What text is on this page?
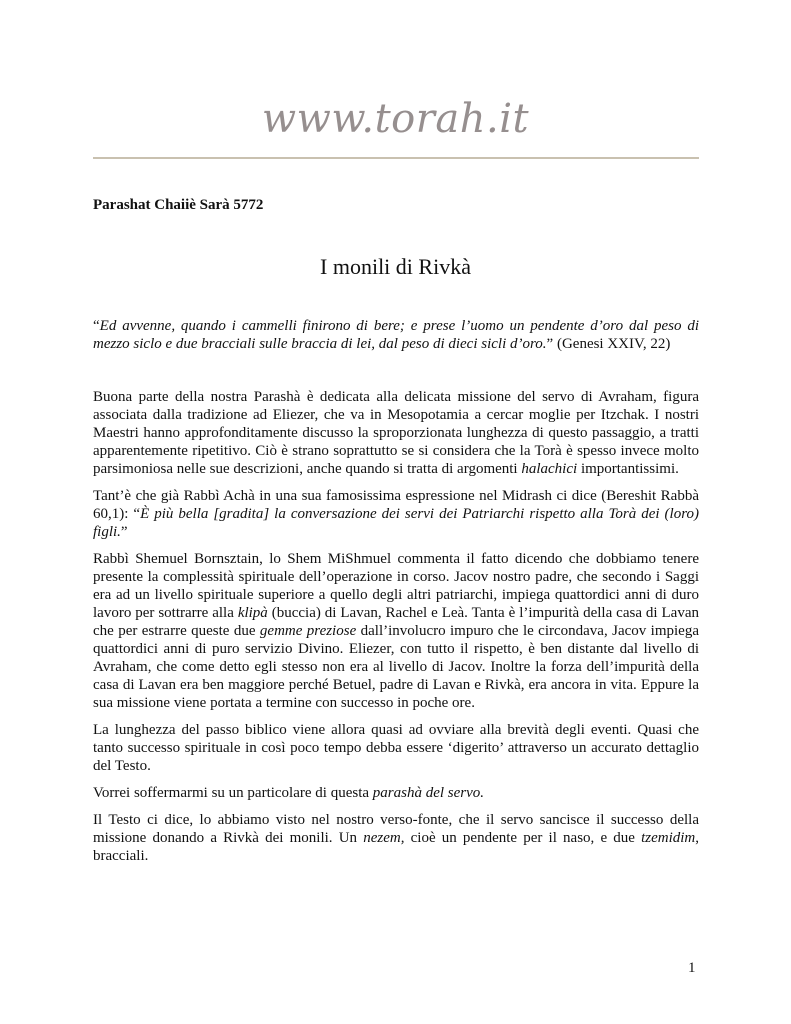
www.torah.it
Parashat Chaiiè Sarà 5772
I monili di Rivkà

“Ed avvenne, quando i cammelli finirono di bere; e prese l’uomo un pendente d’oro dal peso di mezzo siclo e due bracciali sulle braccia di lei, dal peso di dieci sicli d’oro.” (Genesi XXIV, 22)

Buona parte della nostra Parashà è dedicata alla delicata missione del servo di Avraham, figura associata dalla tradizione ad Eliezer, che va in Mesopotamia a cercar moglie per Itzchak. I nostri Maestri hanno approfonditamente discusso la sproporzionata lunghezza di questo passaggio, a tratti apparentemente ripetitivo. Ciò è strano soprattutto se si considera che la Torà è spesso invece molto parsimoniosa nelle sue descrizioni, anche quando si tratta di argomenti halachici importantissimi.

Tant’è che già Rabbì Achà in una sua famosissima espressione nel Midrash ci dice (Bereshit Rabbà 60,1): “È più bella [gradita] la conversazione dei servi dei Patriarchi rispetto alla Torà dei (loro) figli.”

Rabbì Shemuel Bornsztain, lo Shem MiShmuel commenta il fatto dicendo che dobbiamo tenere presente la complessità spirituale dell’operazione in corso. Jacov nostro padre, che secondo i Saggi era ad un livello spirituale superiore a quello degli altri patriarchi, impiega quattordici anni di duro lavoro per sottrarre alla klipà (buccia) di Lavan, Rachel e Leà. Tanta è l’impurità della casa di Lavan che per estrarre queste due gemme preziose dall’involucro impuro che le circondava, Jacov impiega quattordici anni di puro servizio Divino. Eliezer, con tutto il rispetto, è ben distante dal livello di Avraham, che come detto egli stesso non era al livello di Jacov. Inoltre la forza dell’impurità della casa di Lavan era ben maggiore perché Betuel, padre di Lavan e Rivkà, era ancora in vita. Eppure la sua missione viene portata a termine con successo in poche ore.

La lunghezza del passo biblico viene allora quasi ad ovviare alla brevità degli eventi. Quasi che tanto successo spirituale in così poco tempo debba essere ‘digerito’ attraverso un accurato dettaglio del Testo.

Vorrei soffermarmi su un particolare di questa parashà del servo.

Il Testo ci dice, lo abbiamo visto nel nostro verso-fonte, che il servo sancisce il successo della missione donando a Rivkà dei monili. Un nezem, cioè un pendente per il naso, e due tzemidim, bracciali.

1
